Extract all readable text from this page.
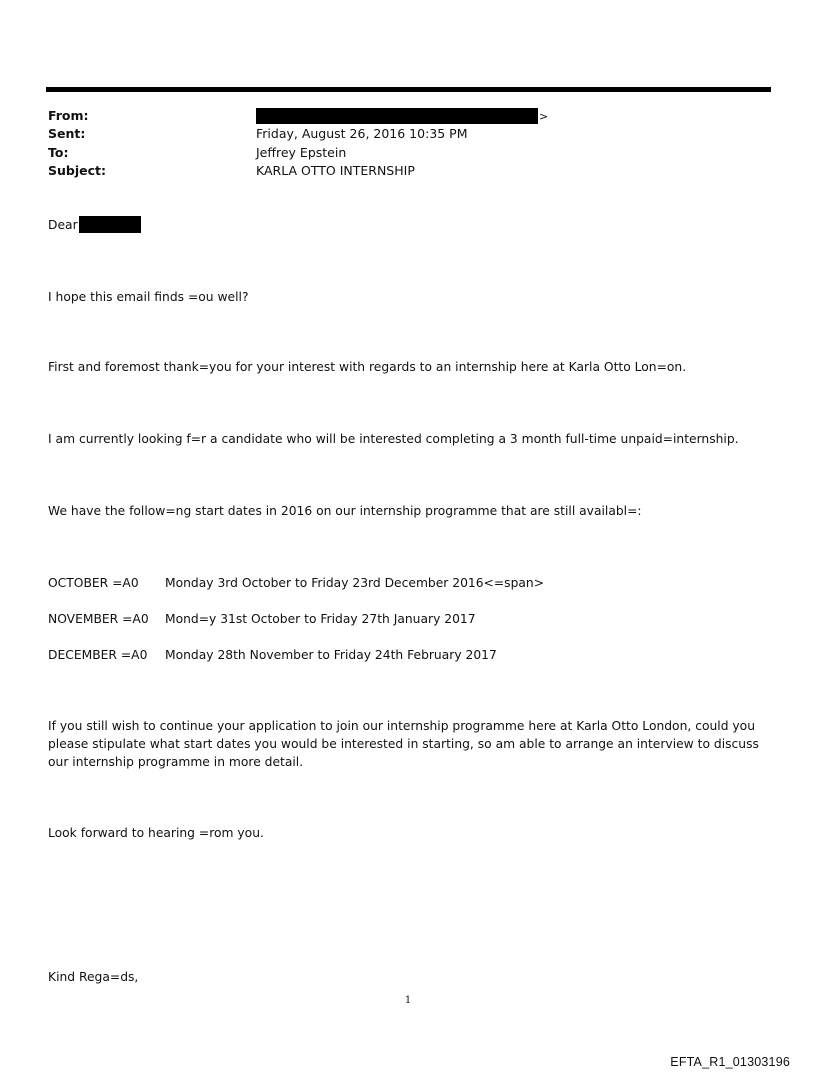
From:	>
Sent:	Friday, August 26, 2016 10:35 PM
To:	Jeffrey Epstein
Subject:	KARLA OTTO INTERNSHIP
Dear
I hope this email finds =ou well?
First and foremost thank=you for your interest with regards to an internship here at Karla Otto Lon=on.
I am currently looking f=r a candidate who will be interested completing a 3 month full-time unpaid=internship.
We have the follow=ng start dates in 2016 on our internship programme that are still availabl=:
OCTOBER =A0 Monday 3rd October to Friday 23rd December 2016<=span>
NOVEMBER =A0 Mond=y 31st October to Friday 27th January 2017
DECEMBER =A0 Monday 28th November to Friday 24th February 2017
If you still wish to continue your application to join our internship programme here at Karla Otto London, could you please stipulate what start dates you would be interested in starting, so am able to arrange an interview to discuss our internship programme in more detail.
Look forward to hearing =rom you.
Kind Rega=ds,
1
EFTA_R1_01303196
